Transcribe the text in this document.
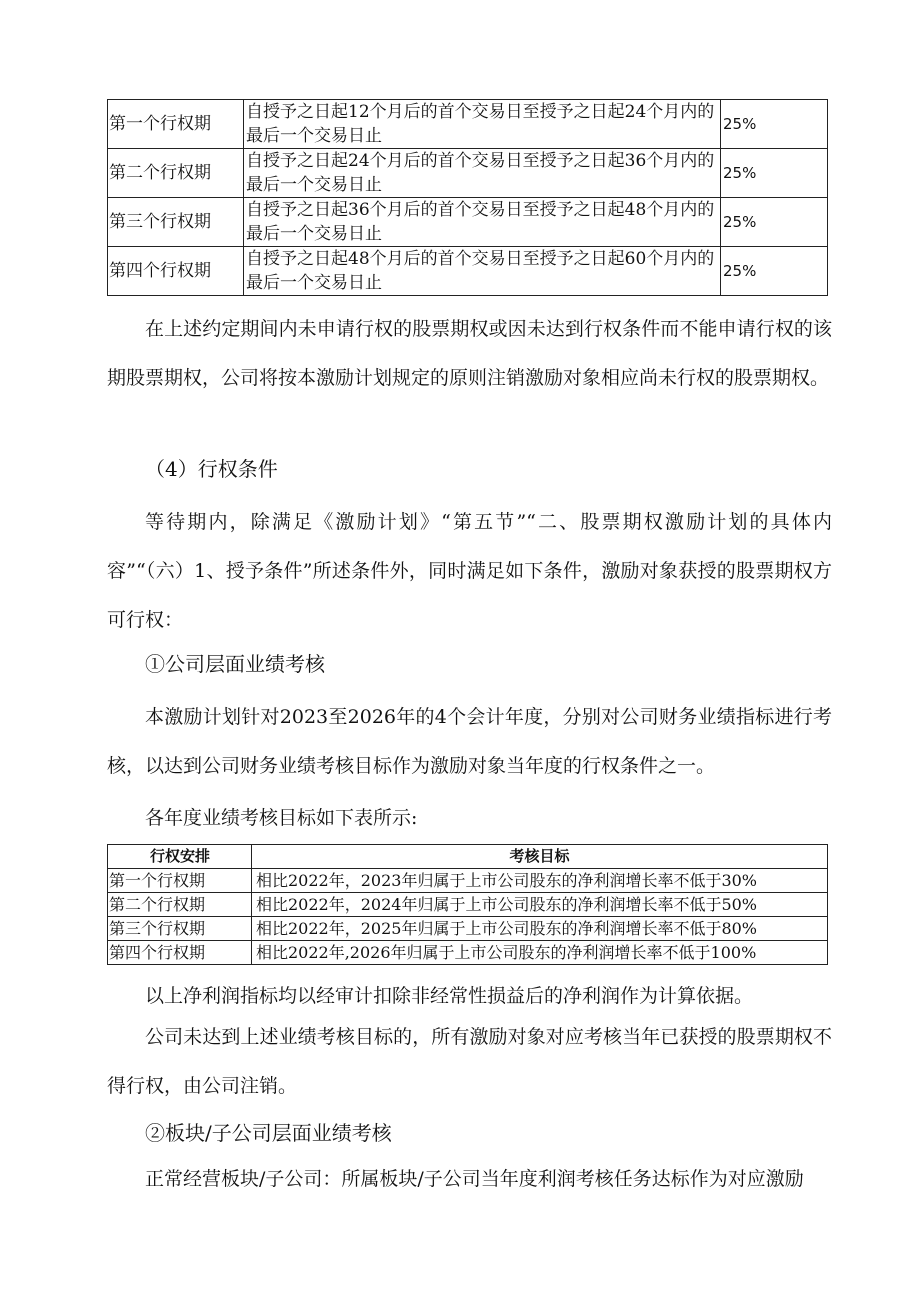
第一个行权期	自授予之日起12个月后的首个交易日至授予之日起24个月内的最后一个交易日止	25%
第二个行权期	自授予之日起24个月后的首个交易日至授予之日起36个月内的最后一个交易日止	25%
第三个行权期	自授予之日起36个月后的首个交易日至授予之日起48个月内的最后一个交易日止	25%
第四个行权期	自授予之日起48个月后的首个交易日至授予之日起60个月内的最后一个交易日止	25%

在上述约定期间内未申请行权的股票期权或因未达到行权条件而不能申请行权的该期股票期权，公司将按本激励计划规定的原则注销激励对象相应尚未行权的股票期权。

（4）行权条件

等待期内，除满足《激励计划》“第五节”“二、股票期权激励计划的具体内容”“（六）1、授予条件”所述条件外，同时满足如下条件，激励对象获授的股票期权方可行权：

①公司层面业绩考核

本激励计划针对2023至2026年的4个会计年度，分别对公司财务业绩指标进行考核，以达到公司财务业绩考核目标作为激励对象当年度的行权条件之一。

各年度业绩考核目标如下表所示:

行权安排	考核目标
第一个行权期	相比2022年，2023年归属于上市公司股东的净利润增长率不低于30%
第二个行权期	相比2022年，2024年归属于上市公司股东的净利润增长率不低于50%
第三个行权期	相比2022年，2025年归属于上市公司股东的净利润增长率不低于80%
第四个行权期	相比2022年,2026年归属于上市公司股东的净利润增长率不低于100%

以上净利润指标均以经审计扣除非经常性损益后的净利润作为计算依据。

公司未达到上述业绩考核目标的，所有激励对象对应考核当年已获授的股票期权不得行权，由公司注销。

②板块/子公司层面业绩考核

正常经营板块/子公司：所属板块/子公司当年度利润考核任务达标作为对应激励
